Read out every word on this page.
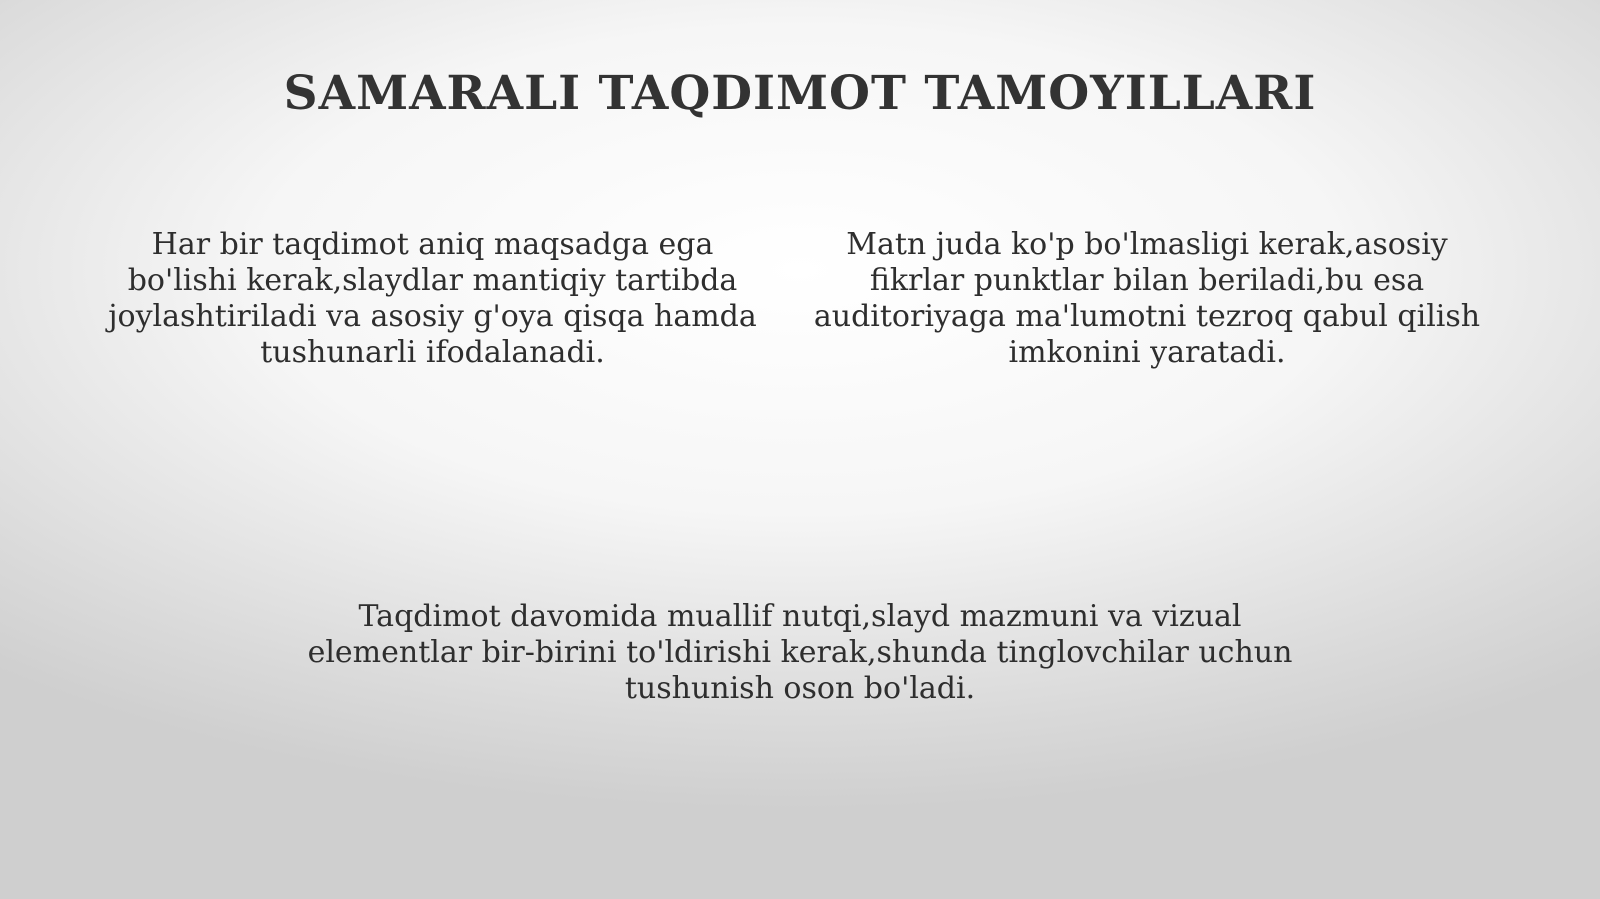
SAMARALI TAQDIMOT TAMOYILLARI

Har bir taqdimot aniq maqsadga ega bo'lishi kerak,slaydlar mantiqiy tartibda joylashtiriladi va asosiy g'oya qisqa hamda tushunarli ifodalanadi.

Matn juda ko'p bo'lmasligi kerak,asosiy fikrlar punktlar bilan beriladi,bu esa auditoriyaga ma'lumotni tezroq qabul qilish imkonini yaratadi.

Taqdimot davomida muallif nutqi,slayd mazmuni va vizual elementlar bir-birini to'ldirishi kerak,shunda tinglovchilar uchun tushunish oson bo'ladi.
